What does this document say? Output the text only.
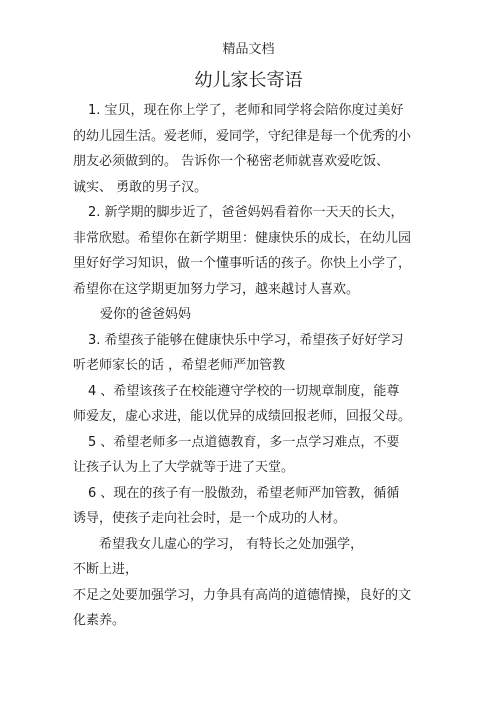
精品文档
幼儿家长寄语

1. 宝贝，现在你上学了，老师和同学将会陪你度过美好

的幼儿园生活。爱老师，爱同学，守纪律是每一个优秀的小

朋友必须做到的。 告诉你一个秘密老师就喜欢爱吃饭、

诚实、 勇敢的男子汉。

2. 新学期的脚步近了，爸爸妈妈看着你一天天的长大，

非常欣慰。希望你在新学期里：健康快乐的成长，在幼儿园

里好好学习知识，做一个懂事听话的孩子。你快上小学了，

希望你在这学期更加努力学习，越来越讨人喜欢。

爱你的爸爸妈妈

3. 希望孩子能够在健康快乐中学习，希望孩子好好学习

听老师家长的话 ，希望老师严加管教

4 、希望该孩子在校能遵守学校的一切规章制度，能尊

师爱友，虚心求进，能以优异的成绩回报老师，回报父母。

5 、希望老师多一点道德教育，多一点学习难点，不要

让孩子认为上了大学就等于进了天堂。

6 、现在的孩子有一股傲劲，希望老师严加管教，循循

诱导，使孩子走向社会时，是一个成功的人材。

希望我女儿虚心的学习， 有特长之处加强学，

不断上进，

不足之处要加强学习，力争具有高尚的道德情操，良好的文

化素养。
